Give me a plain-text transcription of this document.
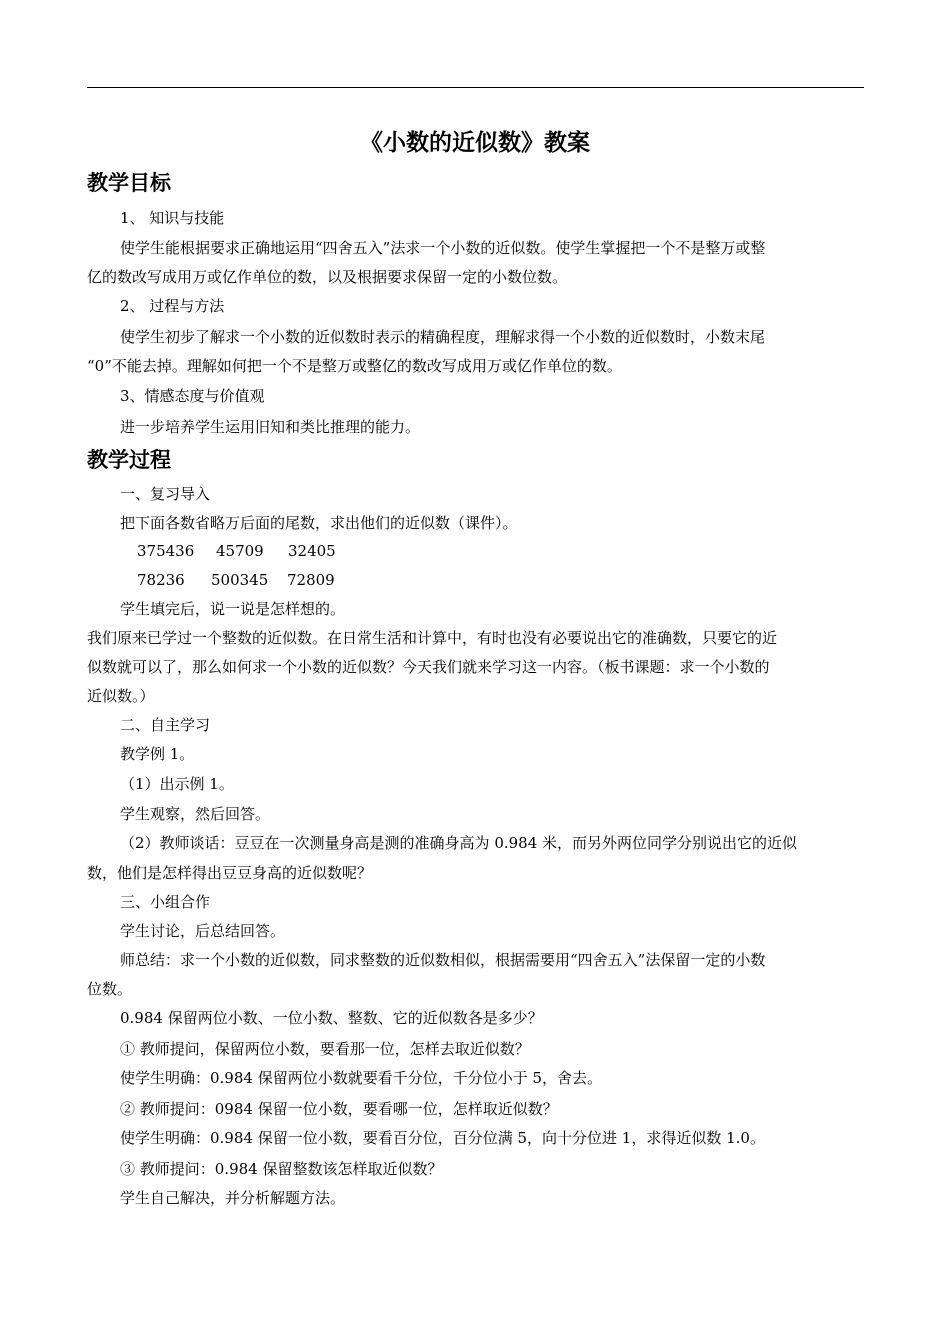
《小数的近似数》教案
教学目标
1、 知识与技能
使学生能根据要求正确地运用“四舍五入”法求一个小数的近似数。使学生掌握把一个不是整万或整
亿的数改写成用万或亿作单位的数，以及根据要求保留一定的小数位数。
2、 过程与方法
使学生初步了解求一个小数的近似数时表示的精确程度，理解求得一个小数的近似数时，小数末尾
“0”不能去掉。理解如何把一个不是整万或整亿的数改写成用万或亿作单位的数。
3、情感态度与价值观
进一步培养学生运用旧知和类比推理的能力。
教学过程
一、复习导入
把下面各数省略万后面的尾数，求出他们的近似数（课件）。
375436 45709 32405
78236 500345 72809
学生填完后，说一说是怎样想的。
我们原来已学过一个整数的近似数。在日常生活和计算中，有时也没有必要说出它的准确数，只要它的近
似数就可以了，那么如何求一个小数的近似数？今天我们就来学习这一内容。（板书课题：求一个小数的
近似数。）
二、自主学习
教学例 1。
（1）出示例 1。
学生观察，然后回答。
（2）教师谈话：豆豆在一次测量身高是测的准确身高为 0.984 米，而另外两位同学分别说出它的近似
数，他们是怎样得出豆豆身高的近似数呢？
三、小组合作
学生讨论，后总结回答。
师总结：求一个小数的近似数，同求整数的近似数相似，根据需要用“四舍五入”法保留一定的小数
位数。
0.984 保留两位小数、一位小数、整数、它的近似数各是多少？
① 教师提问，保留两位小数，要看那一位，怎样去取近似数？
使学生明确：0.984 保留两位小数就要看千分位，千分位小于 5，舍去。
② 教师提问：0984 保留一位小数，要看哪一位，怎样取近似数？
使学生明确：0.984 保留一位小数，要看百分位，百分位满 5，向十分位进 1，求得近似数 1.0。
③ 教师提问：0.984 保留整数该怎样取近似数？
学生自己解决，并分析解题方法。
